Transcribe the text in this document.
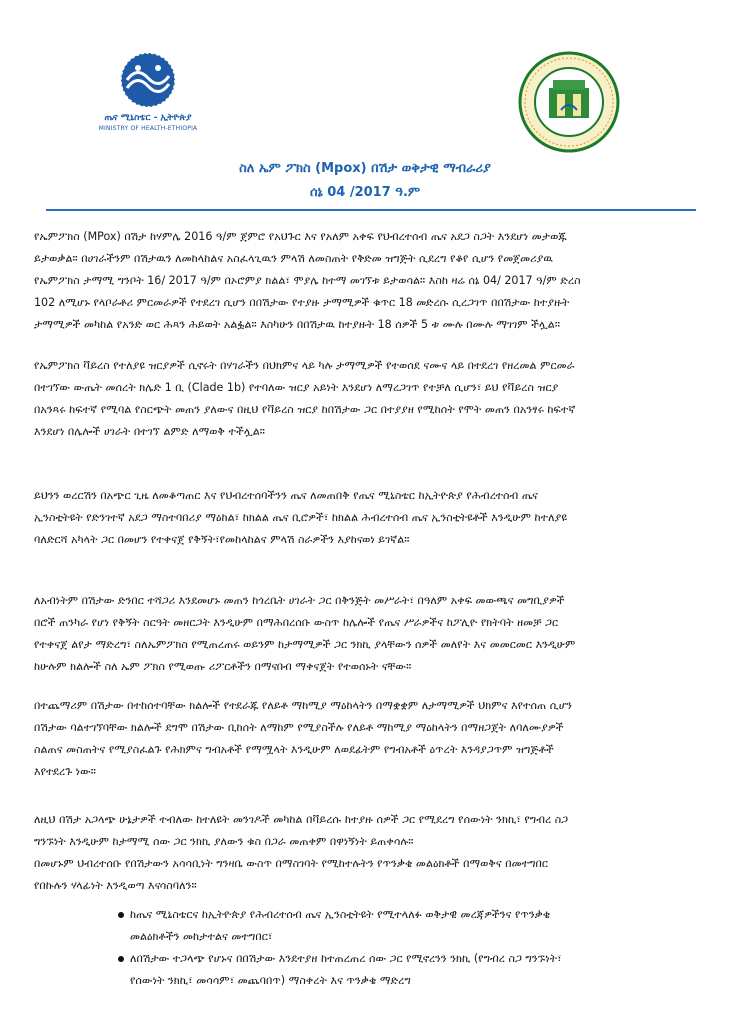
ጤና ሚኒስቴር - ኢትዮጵያ
MINISTRY OF HEALTH-ETHIOPIA
ስለ ኤም ፖክስ (Mpox) በሽታ ወቅታዊ ማብራሪያ
ሰኔ 04 /2017 ዓ.ም
የኤምፖክስ (MPox) በሽታ ከሃምሌ 2016 ዓ/ም ጀምሮ የአህጉር እና የአለም አቀፍ የህብረተሰብ ጤና አደጋ ስጋት እንደሆነ መታወጁ
ይታወቃል። በሀገራችንም በሽታዉን ለመከላከልና አስፈላጊዉን ምላሽ ለመስጠት የቅድመ ዝግጅት ሲደረግ የቆየ ሲሆን የመጀመሪያዉ
የኤምፖክስ ታማሚ ግንቦት 16/ 2017 ዓ/ም በኦሮምያ ክልል፣ ሞያሌ ከተማ መገኘቱ ይታወሳል። እስከ ዛሬ ሰኔ 04/ 2017 ዓ/ም ድረስ
102 ለሚሆኑ የላቦራቶሪ ምርመራዎች የተደረገ ሲሆን በበሽታው የተያዙ ታማሚዎች ቁጥር 18 መድረሱ ሲረጋገጥ በበሽታው ከተያዙት
ታማሚዎች መካከል የአንድ ወር ሕጻን ሕይወት አልፏል። እስካሁን በበሽታዉ ከተያዙት 18 ሰዎች 5 ቱ ሙሉ በሙሉ ማገገም ችሏል።
የኤምፖክስ ቫይረስ የተለያዩ ዝርያዎች ሲኖሩት በሃገራችን በህክምና ላይ ካሉ ታማሚዎች የተወሰደ ናሙና ላይ በተደረገ የዘረመል ምርመራ
በተገኘው ውጤት መሰረት ክሌድ 1 ቢ (Clade 1b) የተባለው ዝርያ አይነት እንደሆነ ለማረጋገጥ የተቻለ ሲሆን፣ ይህ የቫይረስ ዝርያ
በአንጻሩ ከፍተኛ የሚባል የስርጭት መጠን ያለውና በዚህ የቫይረስ ዝርያ ከበሽታው ጋር በተያያዘ የሚከሰት የሞት መጠን በአንፃሩ ከፍተኛ
እንደሆነ በሌሎች ሀገራት በተገኘ ልምድ ለማወቅ ተችሏል።
ይህንን ወረርሽን በአጭር ጊዜ ለመቆጣጠር እና የህብረተሰባችንን ጤና ለመጠበቅ የጤና ሚኒስቴር ከኢትዮጵያ የሕብረተሰብ ጤና
ኢንስቲትዩት የድንገተኛ አደጋ ማስተባበሪያ ማዕከል፣ ከክልል ጤና ቢሮዎች፣ ከክልል ሕብረተሰብ ጤና ኢንስቲትዩቶች እንዲሁም ከተለያዩ
ባለድርሻ አካላት ጋር በመሆን የተቀናጀ የቅኝት፣የመከላከልና ምላሽ ስራዎችን እያከናወነ ይገኛል።
ለአብነትም በሽታው ድንበር ተሻጋሪ እንደመሆኑ መጠን ከጎረቤት ሀገራት ጋር በቅንጅት መሥራት፣ በዓለም አቀፍ መውጫና መግቢያዎች
በሮች ጠንካራ የሆነ የቅኝት ስርዓት መዘርጋት እንዲሁም በማሕበረሰቡ ውስጥ ከሌሎች የጤና ሥራዎችና ከፖሊዮ የክትባት ዘመቻ ጋር
የተቀናጀ ልየታ ማድረግ፣ ስለኤምፖክስ የሚጠረጠሩ ወይንም ከታማሚዎች ጋር ንክኪ ያላቸውን ሰዎች መለየት እና መመርመር እንዲሁም
ከሁሉም ክልሎች ስለ ኤም ፖክስ የሚወጡ ሪፖርቶችን በማናበብ ማቀናጀት የተወሰኑት ናቸው።
በተጨማሪም በሽታው በተከሰተባቸው ክልሎች የተደራጁ የለይቶ ማከሚያ ማዕከላትን በማቋቋም ለታማሚዎች ህክምና እየተሰጠ ሲሆን
በሽታው ባልተገኘባቸው ክልሎች ደግሞ በሽታው ቢከሰት ለማከም የሚያስችሉ የለይቶ ማከሚያ ማዕከላትን በማዘጋጀት ለባለሙያዎች
ስልጠና መስጠትና የሚያስፈልጉ የሕክምና ግብአቶች የማሟላት እንዲሁም ለወደፊትም የግብአቶች ዕጥረት እንዳያጋጥም ዝግጅቶች
እየተደረጉ ነው።
ለዚህ በሽታ አጋላጭ ሁኔታዎች ተብለው ከተለዩት መንገዶች መካከል በቫይረሱ ከተያዙ ሰዎች ጋር የሚደረግ የሰውነት ንክኪ፣ የግብረ ስጋ
ግንኙነት እንዲሁም ከታማሚ ሰው ጋር ንክኪ ያለውን ቁስ በጋራ መጠቀም በዋነኝነት ይጠቀሳሉ።
በመሆኑም ህብረተሰቡ የበሽታውን አሳሳቢነት ግንዛቤ ውስጥ በማስገባት የሚከተሉትን የጥንቃቄ መልዕክቶች በማወቅና በመተግበር
የበኩሉን ሃላፊነት እንዲወጣ እናሳስባለን።
ከጤና ሚኒስቴርና ከኢትዮጵያ የሕብረተሰብ ጤና ኢንስቲትዩት የሚተላለፉ ወቅታዊ መረጃዎችንና የጥንቃቄ
መልዕክቶችን መከታተልና መተግበር፣
ለበሽታው ተጋላጭ የሆኑና በበሽታው እንደተያዘ ከተጠረጠረ ሰው ጋር የሚኖረንን ንክኪ (የግብረ ስጋ ግንኙነት፣
የሰውነት ንክኪ፣ መሳሳም፣ መጨባበጥ) ማስቀረት እና ጥንቃቄ ማድረግ
